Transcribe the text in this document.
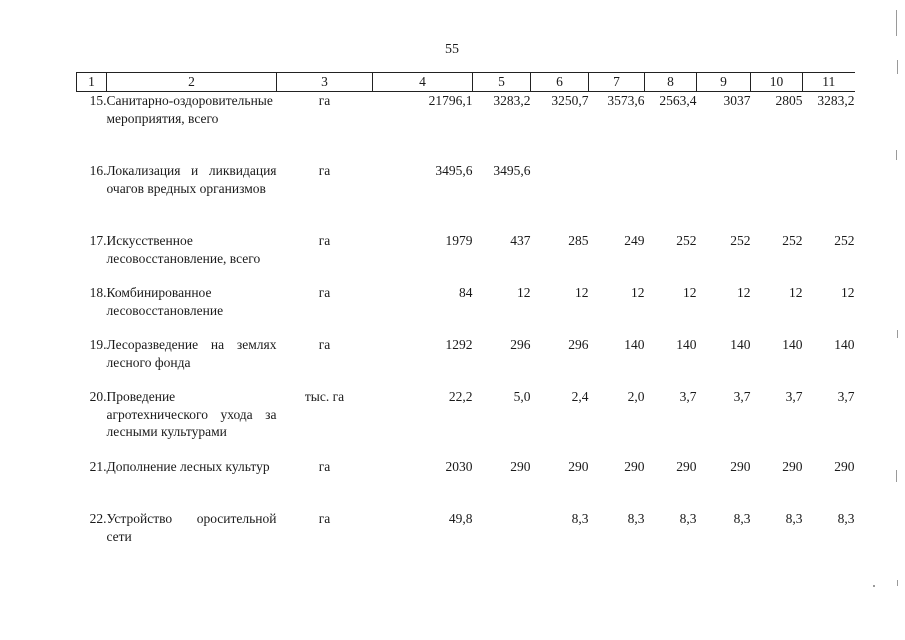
55
1	2	3	4	5	6	7	8	9	10	11
15.	Санитарно-оздоровительные мероприятия, всего	га	21796,1	3283,2	3250,7	3573,6	2563,4	3037	2805	3283,2
16.	Локализация и ликвидация очагов вредных организмов	га	3495,6	3495,6						
17.	Искусственное лесовосстановление, всего	га	1979	437	285	249	252	252	252	252
18.	Комбинированное лесовосстановление	га	84	12	12	12	12	12	12	12
19.	Лесоразведение на землях лесного фонда	га	1292	296	296	140	140	140	140	140
20.	Проведение агротехнического ухода за лесными культурами	тыс. га	22,2	5,0	2,4	2,0	3,7	3,7	3,7	3,7
21.	Дополнение лесных культур	га	2030	290	290	290	290	290	290	290
22.	Устройство оросительной сети	га	49,8		8,3	8,3	8,3	8,3	8,3	8,3
